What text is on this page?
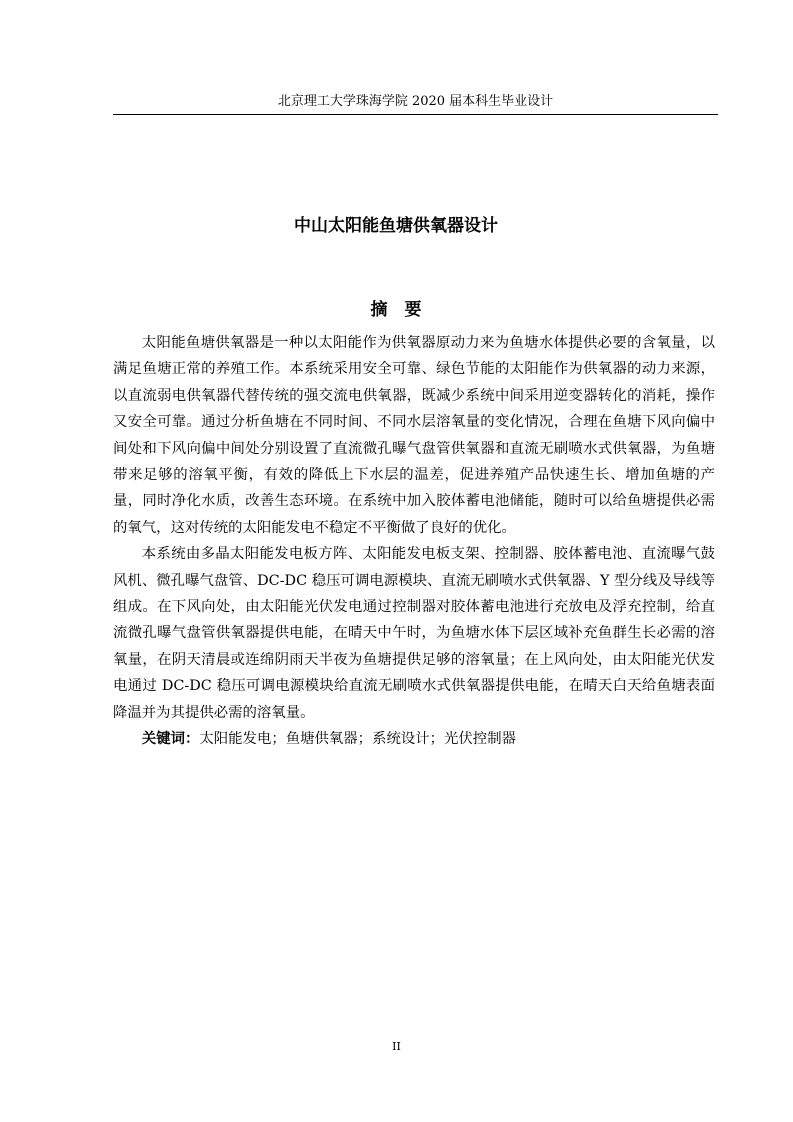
北京理工大学珠海学院 2020 届本科生毕业设计
中山太阳能鱼塘供氧器设计
摘　要

太阳能鱼塘供氧器是一种以太阳能作为供氧器原动力来为鱼塘水体提供必要的含氧量，以满足鱼塘正常的养殖工作。本系统采用安全可靠、绿色节能的太阳能作为供氧器的动力来源，以直流弱电供氧器代替传统的强交流电供氧器，既减少系统中间采用逆变器转化的消耗，操作又安全可靠。通过分析鱼塘在不同时间、不同水层溶氧量的变化情况，合理在鱼塘下风向偏中间处和下风向偏中间处分别设置了直流微孔曝气盘管供氧器和直流无刷喷水式供氧器，为鱼塘带来足够的溶氧平衡，有效的降低上下水层的温差，促进养殖产品快速生长、增加鱼塘的产量，同时净化水质，改善生态环境。在系统中加入胶体蓄电池储能，随时可以给鱼塘提供必需的氧气，这对传统的太阳能发电不稳定不平衡做了良好的优化。

本系统由多晶太阳能发电板方阵、太阳能发电板支架、控制器、胶体蓄电池、直流曝气鼓风机、微孔曝气盘管、DC-DC 稳压可调电源模块、直流无刷喷水式供氧器、Y 型分线及导线等组成。在下风向处，由太阳能光伏发电通过控制器对胶体蓄电池进行充放电及浮充控制，给直流微孔曝气盘管供氧器提供电能，在晴天中午时，为鱼塘水体下层区域补充鱼群生长必需的溶氧量，在阴天清晨或连绵阴雨天半夜为鱼塘提供足够的溶氧量；在上风向处，由太阳能光伏发电通过 DC-DC 稳压可调电源模块给直流无刷喷水式供氧器提供电能，在晴天白天给鱼塘表面降温并为其提供必需的溶氧量。

关键词：太阳能发电；鱼塘供氧器；系统设计；光伏控制器

II
